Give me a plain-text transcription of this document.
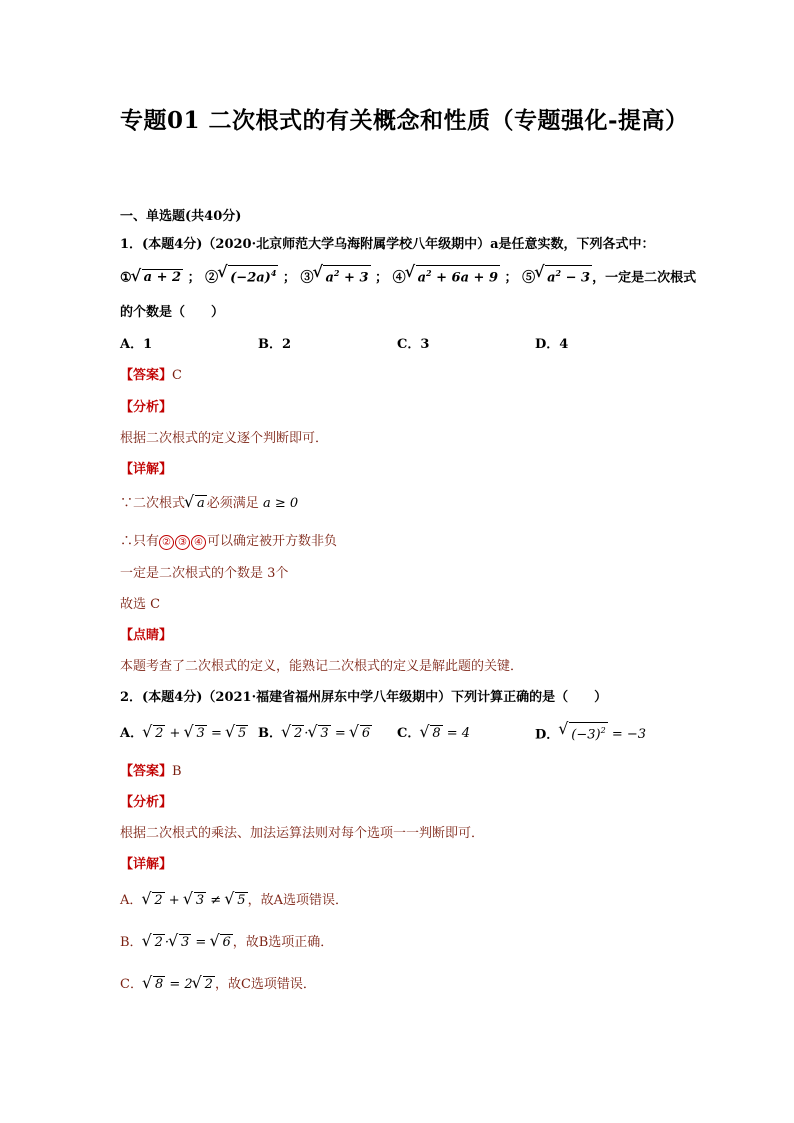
专题01 二次根式的有关概念和性质（专题强化-提高）
一、单选题(共40分)
1．(本题4分)（2020·北京师范大学乌海附属学校八年级期中）a是任意实数，下列各式中：
① √ a + 2 ； ② √ $(-2a)^4$ ； ③ √ $a^2 + 3$ ； ④ √ $a^2 + 6a + 9$ ； ⑤ √ $a^2 - 3$ ，一定是二次根式
的个数是（　　）
A．1	B．2	C．3	D．4
【答案】C
【分析】
根据二次根式的定义逐个判断即可．
【详解】
∵二次根式 √ a 必须满足 a ≥ 0
∴只有 ② ③ ④ 可以确定被开方数非负
一定是二次根式的个数是 3个
故选 C
【点睛】
本题考查了二次根式的定义，能熟记二次根式的定义是解此题的关键．
2．(本题4分)（2021·福建省福州屏东中学八年级期中）下列计算正确的是（　　）
A． √ 2 + √ 3 = √ 5 B． √ 2 · √ 3 = √ 6 C． √ 8 = 4	D． √ $(-3)^2 = -3$
【答案】B
【分析】
根据二次根式的乘法、加法运算法则对每个选项一一判断即可．
【详解】
A． √ 2 + √ 3 ≠ √ 5 ，故A选项错误．
B． √ 2 · √ 3 = √ 6 ，故B选项正确．
C． √ 8 = 2 √ 2 ，故C选项错误．
